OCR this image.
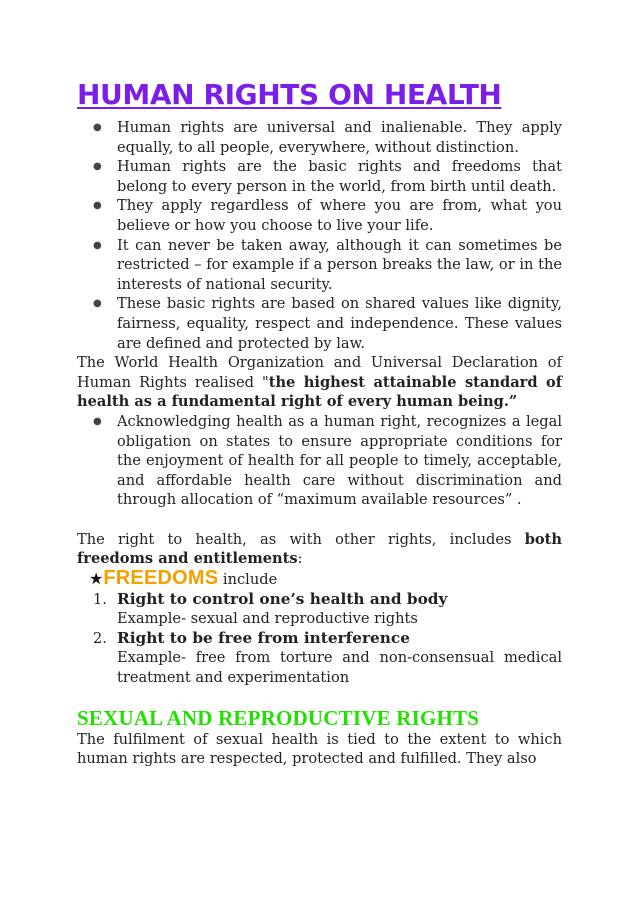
HUMAN RIGHTS ON HEALTH
● Human rights are universal and inalienable. They apply equally, to all people, everywhere, without distinction.
● Human rights are the basic rights and freedoms that belong to every person in the world, from birth until death.
● They apply regardless of where you are from, what you believe or how you choose to live your life.
● It can never be taken away, although it can sometimes be restricted – for example if a person breaks the law, or in the interests of national security.
● These basic rights are based on shared values like dignity, fairness, equality, respect and independence. These values are defined and protected by law.

The World Health Organization and Universal Declaration of Human Rights realised "the highest attainable standard of health as a fundamental right of every human being.”

● Acknowledging health as a human right, recognizes a legal obligation on states to ensure appropriate conditions for the enjoyment of health for all people to timely, acceptable, and affordable health care without discrimination and through allocation of “maximum available resources” .

The right to health, as with other rights, includes both freedoms and entitlements:

★FREEDOMS include

1. Right to control one’s health and body
Example- sexual and reproductive rights
2. Right to be free from interference
Example- free from torture and non-consensual medical treatment and experimentation
SEXUAL AND REPRODUCTIVE RIGHTS

The fulfilment of sexual health is tied to the extent to which human rights are respected, protected and fulfilled. They also
